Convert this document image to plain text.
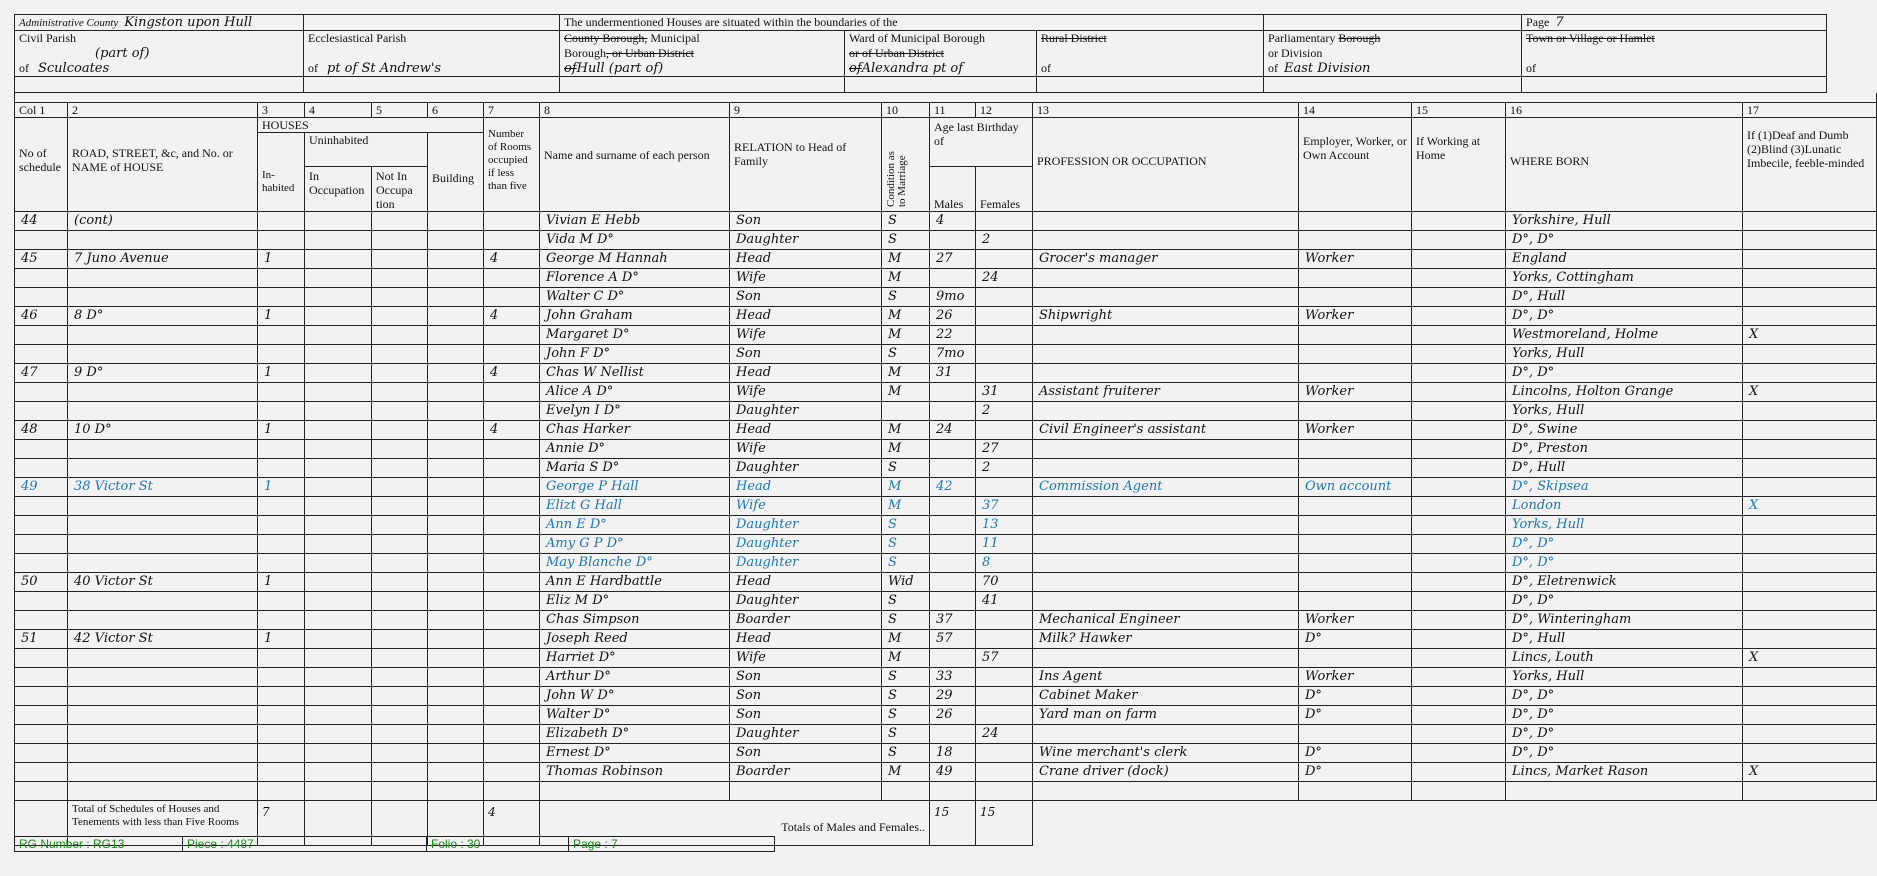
Administrative County Kingston upon Hull		The undermentioned Houses are situated within the boundaries of the				Page 7
Civil Parish	Ecclesiastical Parish	County Borough, Municipal	Ward of Municipal Borough	Rural District	Parliamentary Borough	Town or Village or Hamlet
(part of)		Borough, or Urban District	or of Urban District		or Division	
of Sculcoates	of pt of St Andrew's	ofHull (part of)	ofAlexandra pt of	of	of East Division	of

Col 1	2	3	4	5	6	7	8	9	10	11	12	13	14	15	16	17
No of schedule	ROAD, STREET, &c, and No. or NAME of HOUSE	HOUSES				Number of Rooms occupied if less than five	Name and surname of each person	RELATION to Head of Family	Condition as to Marriage	Age last Birthday of		PROFESSION OR OCCUPATION	Employer, Worker, or Own Account	If Working at Home	WHERE BORN	If (1)Deaf and Dumb (2)Blind (3)Lunatic Imbecile, feeble-minded
		In-habited	Uninhabited		Building											
			In Occupation	Not In Occupa tion						Males	Females					
44	(cont)						Vivian E Hebb	Son	S	4					Yorkshire, Hull	
							Vida M D°	Daughter	S		2				D°, D°	
45	7 Juno Avenue	1				4	George M Hannah	Head	M	27		Grocer's manager	Worker		England	
							Florence A D°	Wife	M		24				Yorks, Cottingham	
							Walter C D°	Son	S	9mo					D°, Hull	
46	8 D°	1				4	John Graham	Head	M	26		Shipwright	Worker		D°, D°	
							Margaret D°	Wife	M	22					Westmoreland, Holme	X
							John F D°	Son	S	7mo					Yorks, Hull	
47	9 D°	1				4	Chas W Nellist	Head	M	31					D°, D°	
							Alice A D°	Wife	M		31	Assistant fruiterer	Worker		Lincolns, Holton Grange	X
							Evelyn I D°	Daughter			2				Yorks, Hull	
48	10 D°	1				4	Chas Harker	Head	M	24		Civil Engineer's assistant	Worker		D°, Swine	
							Annie D°	Wife	M		27				D°, Preston	
							Maria S D°	Daughter	S		2				D°, Hull	
49	38 Victor St	1					George P Hall	Head	M	42		Commission Agent	Own account		D°, Skipsea	
							Elizt G Hall	Wife	M		37				London	X
							Ann E D°	Daughter	S		13				Yorks, Hull	
							Amy G P D°	Daughter	S		11				D°, D°	
							May Blanche D°	Daughter	S		8				D°, D°	
50	40 Victor St	1					Ann E Hardbattle	Head	Wid		70				D°, Eletrenwick	
							Eliz M D°	Daughter	S		41				D°, D°	
							Chas Simpson	Boarder	S	37		Mechanical Engineer	Worker		D°, Winteringham	
51	42 Victor St	1					Joseph Reed	Head	M	57		Milk? Hawker	D°		D°, Hull	
							Harriet D°	Wife	M		57				Lincs, Louth	X
							Arthur D°	Son	S	33		Ins Agent	Worker		Yorks, Hull	
							John W D°	Son	S	29		Cabinet Maker	D°		D°, D°	
							Walter D°	Son	S	26		Yard man on farm	D°		D°, D°	
							Elizabeth D°	Daughter	S		24				D°, D°	
							Ernest D°	Son	S	18		Wine merchant's clerk	D°		D°, D°	
							Thomas Robinson	Boarder	M	49		Crane driver (dock)	D°		Lincs, Market Rason	X

	Total of Schedules of Houses and Tenements with less than Five Rooms	7				4	Totals of Males and Females..			15	15					
RG Number : RG13	Piece : 4487	Folio : 30	Page : 7
